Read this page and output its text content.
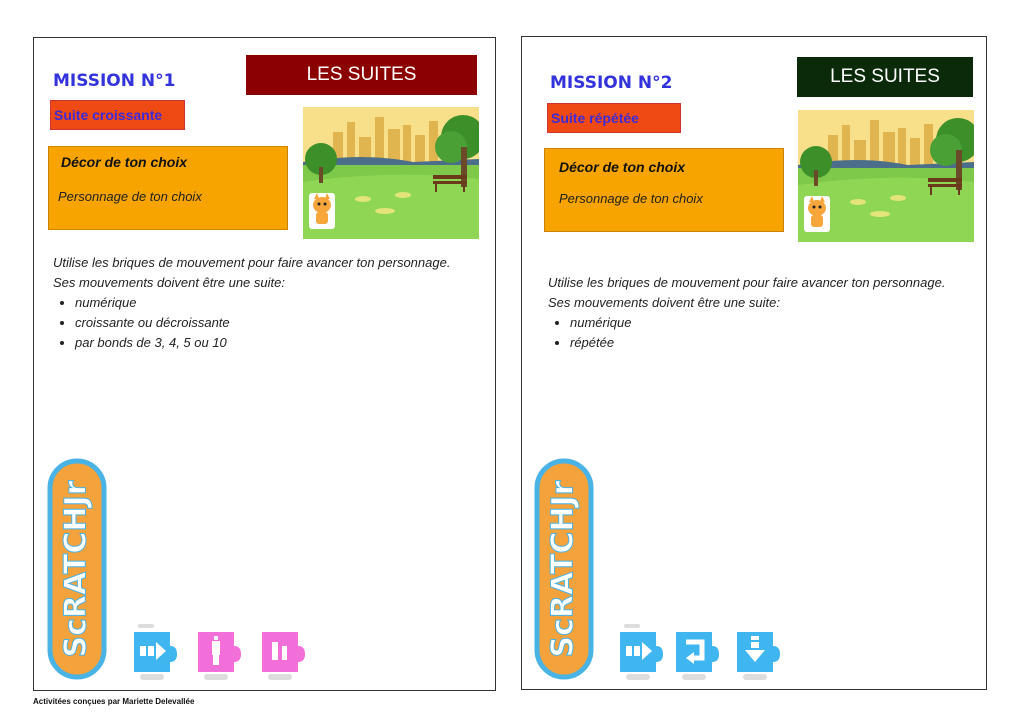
MISSION N°1	LES SUITES
Suite croissante
Décor de ton choix
Personnage de ton choix
Utilise les briques de mouvement pour faire avancer ton personnage.
Ses mouvements doivent être une suite:
• numérique
• croissante ou décroissante
• par bonds de 3, 4, 5 ou 10
ScRATCHJr
MISSION N°2	LES SUITES
Suite répétée
Décor de ton choix
Personnage de ton choix
Utilise les briques de mouvement pour faire avancer ton personnage.
Ses mouvements doivent être une suite:
• numérique
• répétée
ScRATCHJr
Activitées conçues par Mariette Delevallée
